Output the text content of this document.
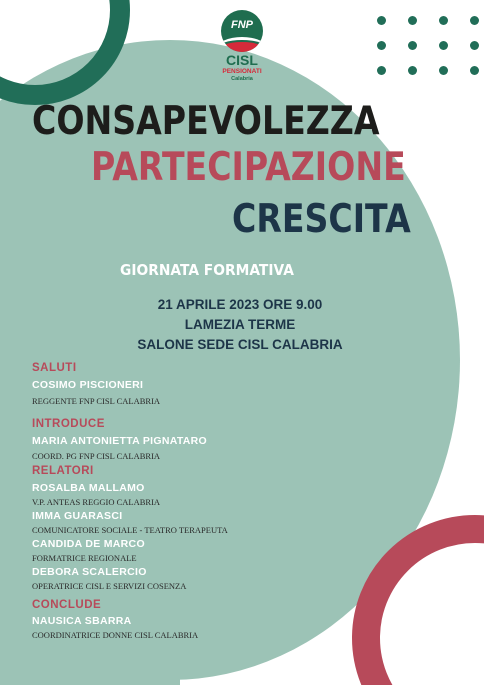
FNP
CISL
PENSIONATI
Calabria
CONSAPEVOLEZZA
PARTECIPAZIONE
CRESCITA
GIORNATA FORMATIVA
21 APRILE 2023 ORE 9.00
LAMEZIA TERME
SALONE SEDE CISL CALABRIA
SALUTI
COSIMO PISCIONERI
REGGENTE FNP CISL CALABRIA
INTRODUCE
MARIA ANTONIETTA PIGNATARO
COORD. PG FNP CISL CALABRIA
RELATORI
ROSALBA MALLAMO
V.P. ANTEAS REGGIO CALABRIA
IMMA GUARASCI
COMUNICATORE SOCIALE - TEATRO TERAPEUTA
CANDIDA DE MARCO
FORMATRICE REGIONALE
DEBORA SCALERCIO
OPERATRICE CISL E SERVIZI COSENZA
CONCLUDE
NAUSICA SBARRA
COORDINATRICE DONNE CISL CALABRIA
